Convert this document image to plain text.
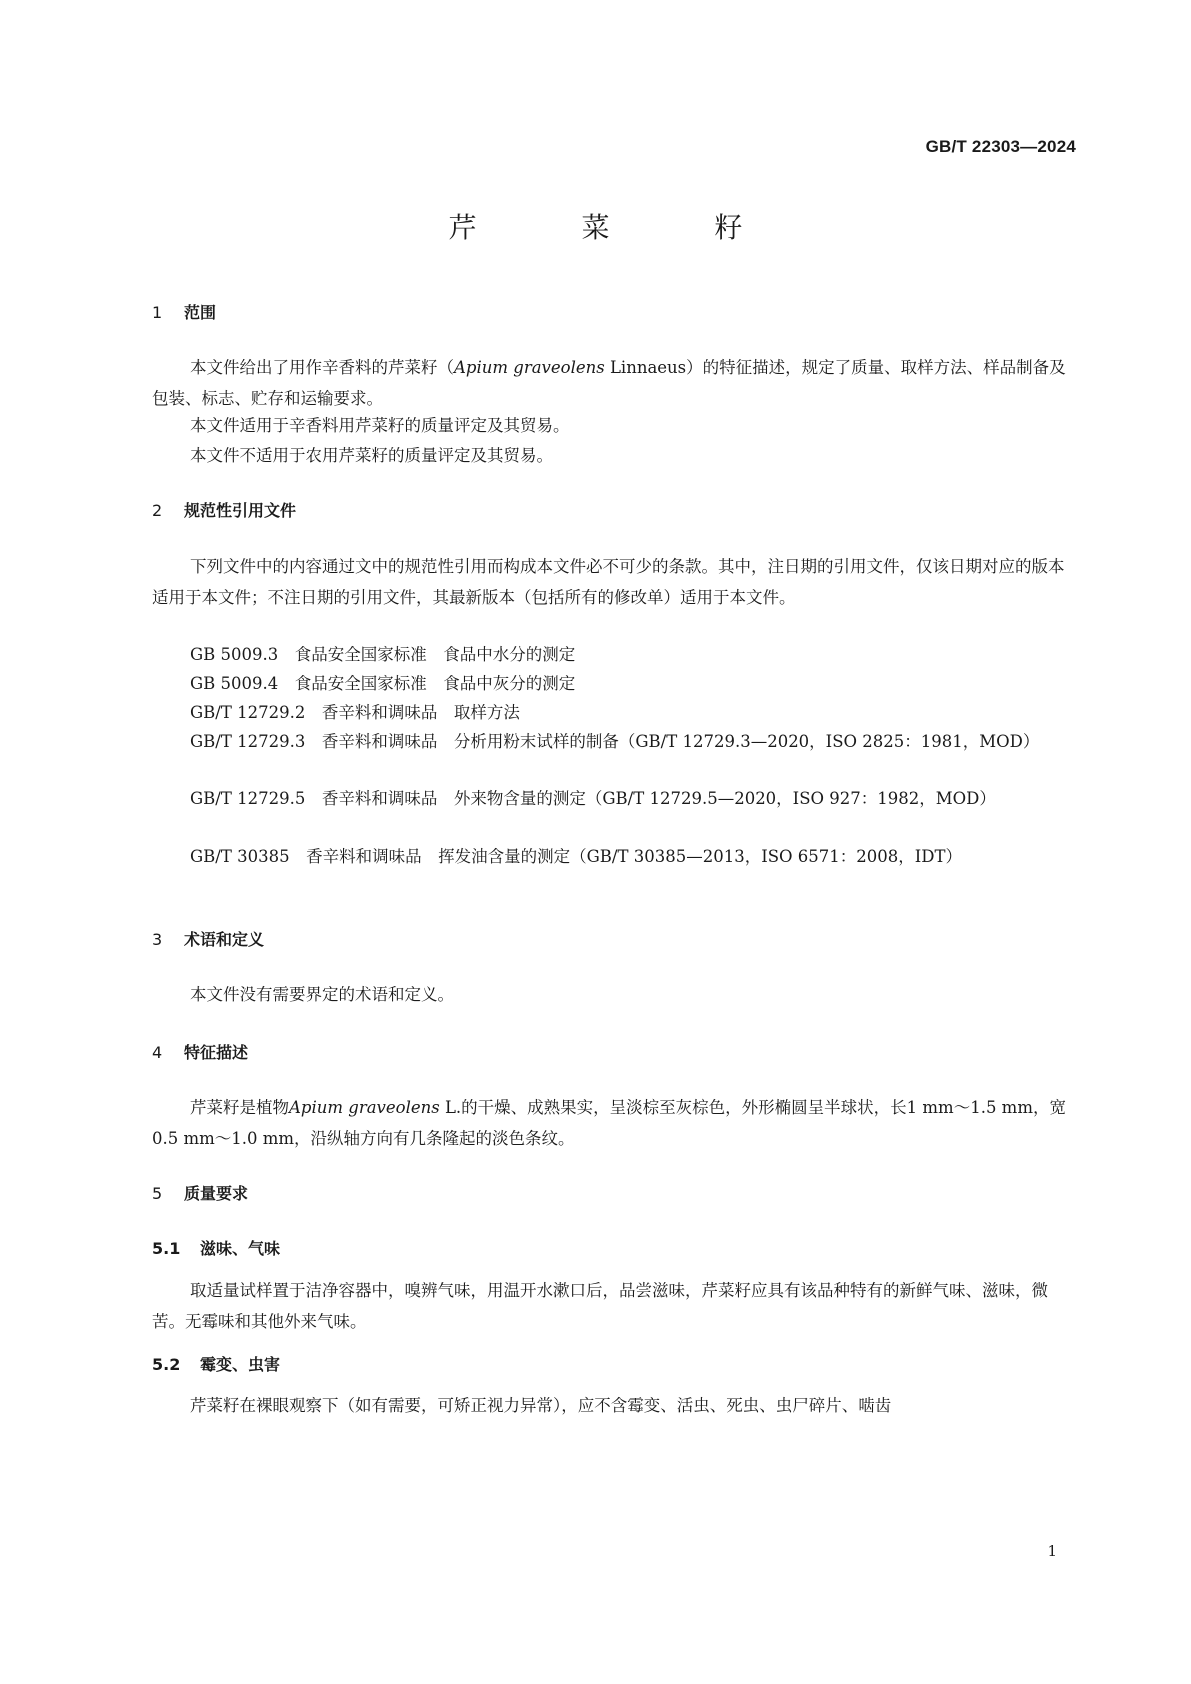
GB/T 22303—2024
芹 菜 籽
1 范围
本文件给出了用作辛香料的芹菜籽（Apium graveolens Linnaeus）的特征描述，规定了质量、取样方法、样品制备及包装、标志、贮存和运输要求。
本文件适用于辛香料用芹菜籽的质量评定及其贸易。
本文件不适用于农用芹菜籽的质量评定及其贸易。
2 规范性引用文件
下列文件中的内容通过文中的规范性引用而构成本文件必不可少的条款。其中，注日期的引用文件，仅该日期对应的版本适用于本文件；不注日期的引用文件，其最新版本（包括所有的修改单）适用于本文件。
GB 5009.3　食品安全国家标准　食品中水分的测定
GB 5009.4　食品安全国家标准　食品中灰分的测定
GB/T 12729.2　香辛料和调味品　取样方法
GB/T 12729.3　香辛料和调味品　分析用粉末试样的制备（GB/T 12729.3—2020，ISO 2825：1981，MOD）
GB/T 12729.5　香辛料和调味品　外来物含量的测定（GB/T 12729.5—2020，ISO 927：1982，MOD）
GB/T 30385　香辛料和调味品　挥发油含量的测定（GB/T 30385—2013，ISO 6571：2008，IDT）
3 术语和定义
本文件没有需要界定的术语和定义。
4 特征描述
芹菜籽是植物Apium graveolens L.的干燥、成熟果实，呈淡棕至灰棕色，外形椭圆呈半球状，长1 mm～1.5 mm，宽0.5 mm～1.0 mm，沿纵轴方向有几条隆起的淡色条纹。
5 质量要求
5.1 滋味、气味
取适量试样置于洁净容器中，嗅辨气味，用温开水漱口后，品尝滋味，芹菜籽应具有该品种特有的新鲜气味、滋味，微苦。无霉味和其他外来气味。
5.2 霉变、虫害
芹菜籽在裸眼观察下（如有需要，可矫正视力异常），应不含霉变、活虫、死虫、虫尸碎片、啮齿
1
